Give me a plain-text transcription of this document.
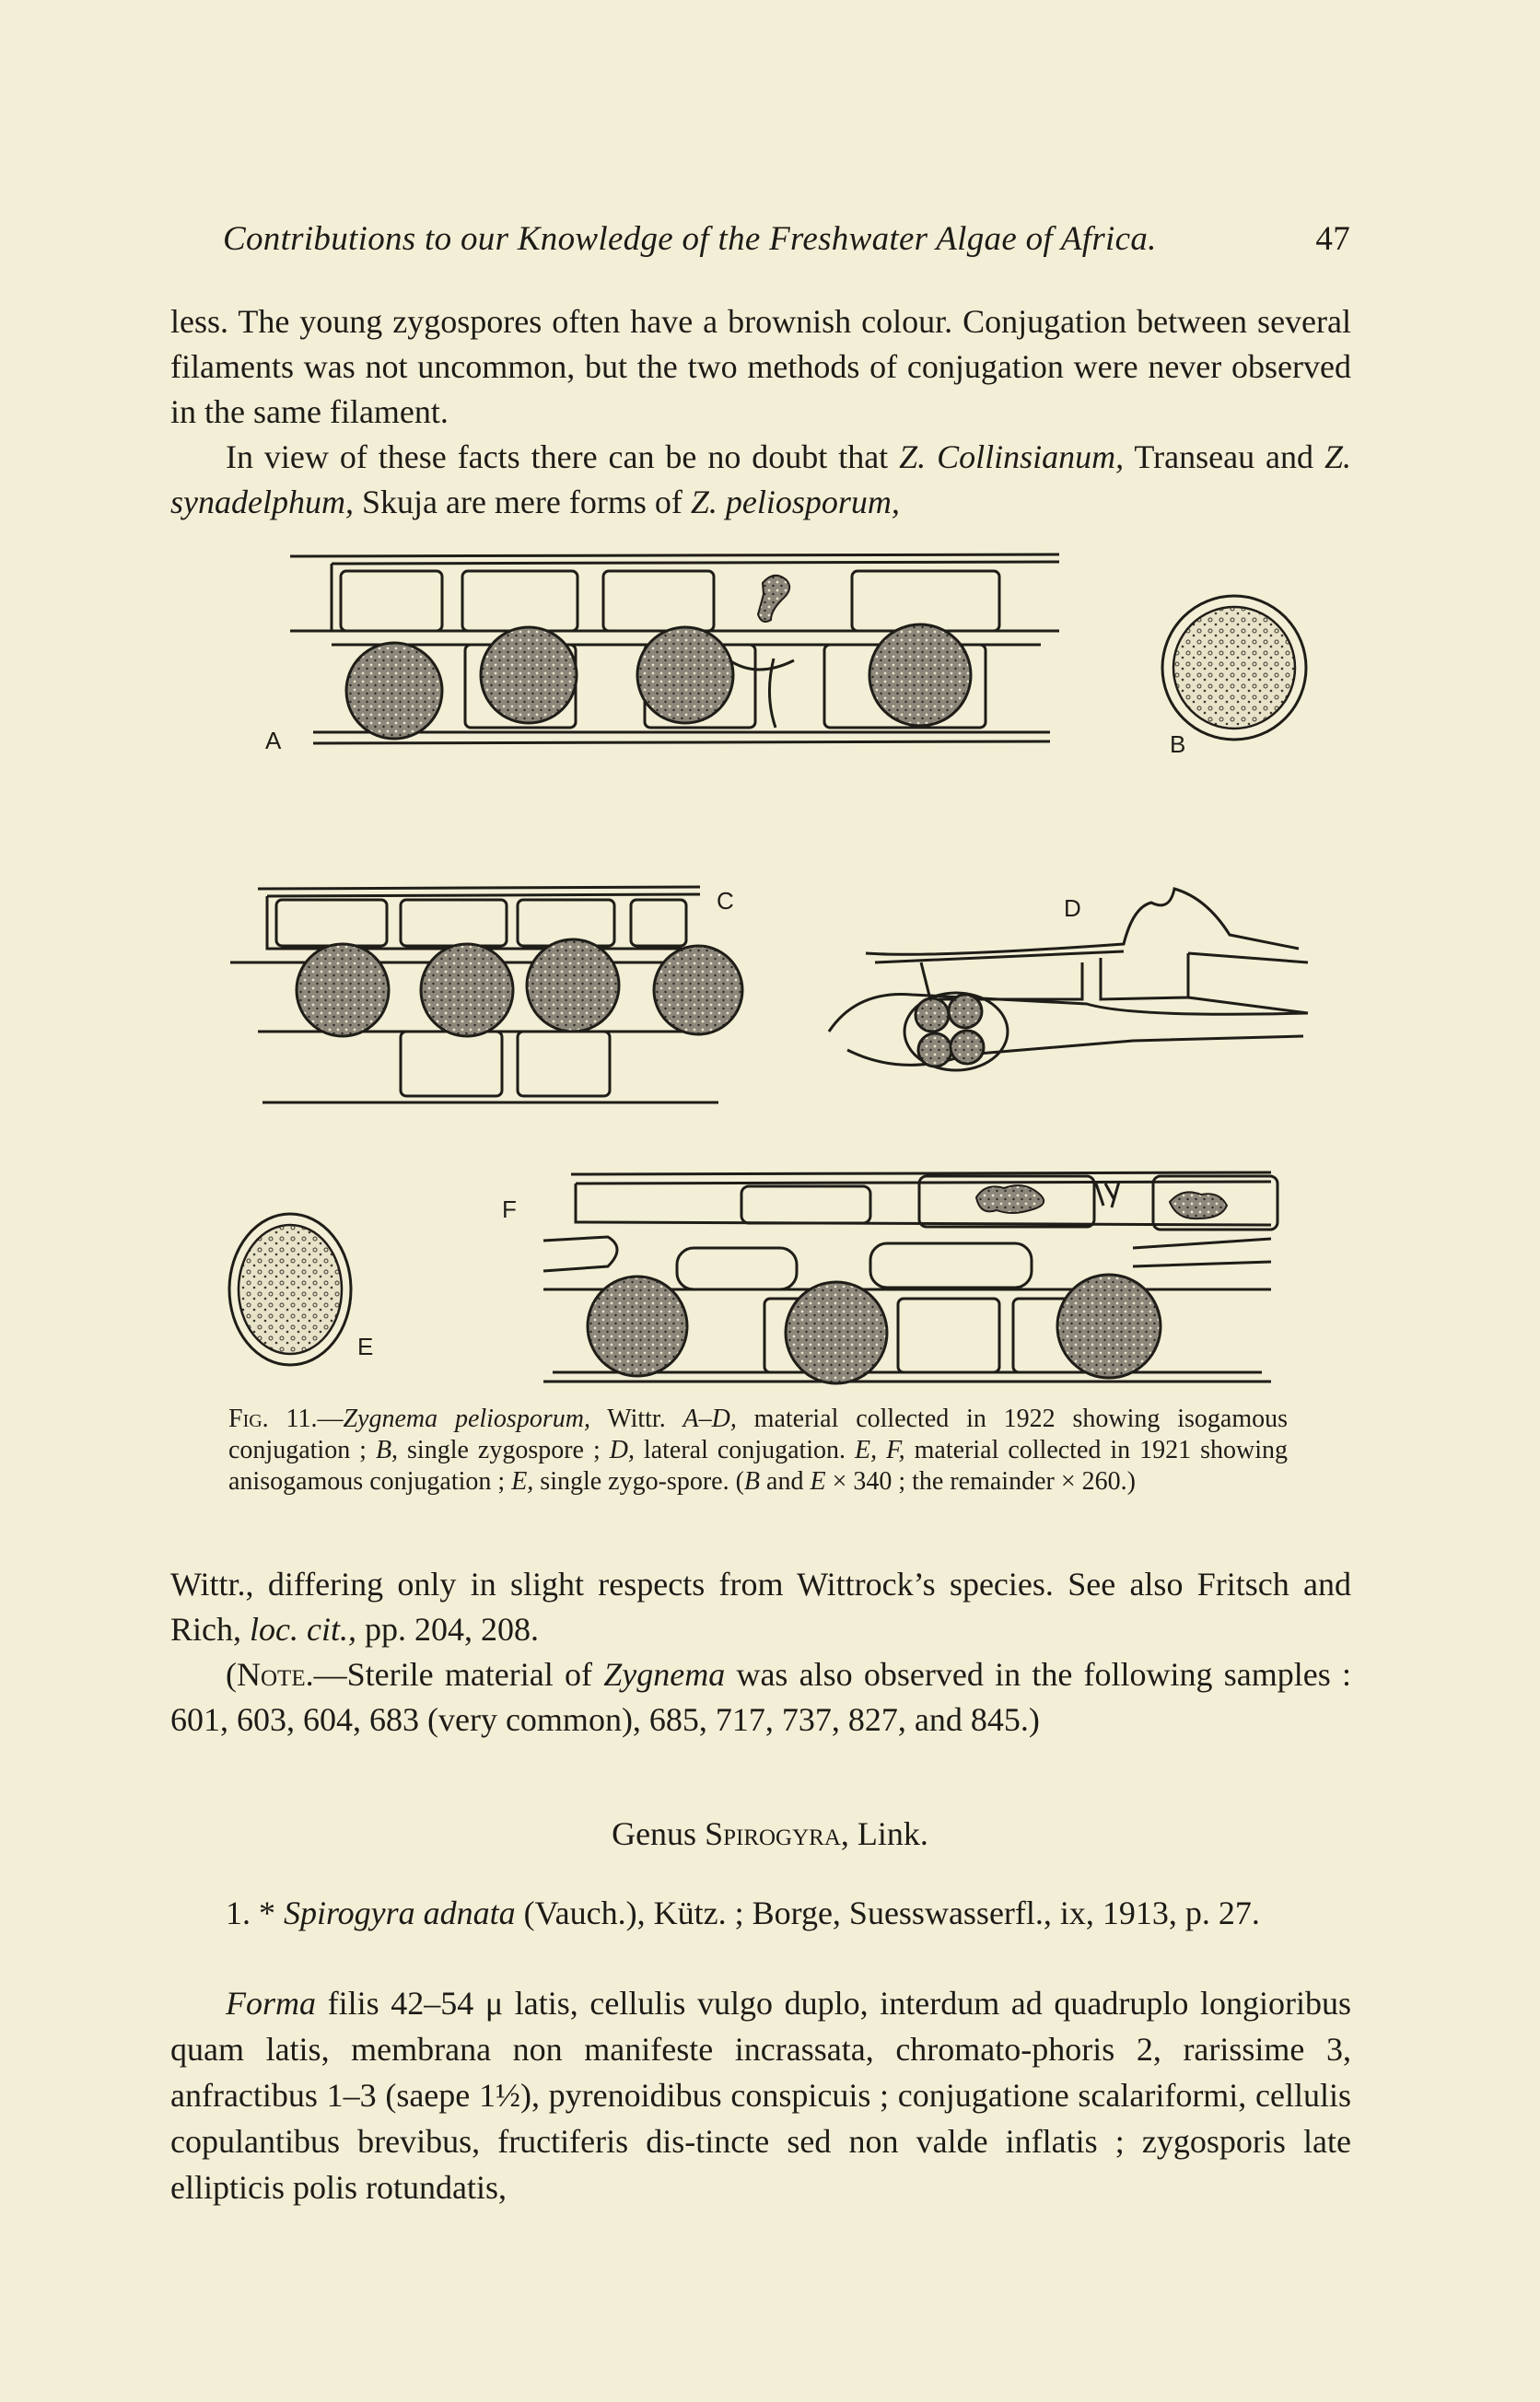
Contributions to our Knowledge of the Freshwater Algae of Africa.	47
less. The young zygospores often have a brownish colour. Conjugation between several filaments was not uncommon, but the two methods of conjugation were never observed in the same filament.
In view of these facts there can be no doubt that Z. Collinsianum, Transeau and Z. synadelphum, Skuja are mere forms of Z. peliosporum,
A	B
C	D
E
F
Fig. 11.—Zygnema peliosporum, Wittr. A–D, material collected in 1922 showing isogamous conjugation ; B, single zygospore ; D, lateral conjugation. E, F, material collected in 1921 showing anisogamous conjugation ; E, single zygo-spore. (B and E × 340 ; the remainder × 260.)
Wittr., differing only in slight respects from Wittrock’s species. See also Fritsch and Rich, loc. cit., pp. 204, 208.
(Note.—Sterile material of Zygnema was also observed in the following samples : 601, 603, 604, 683 (very common), 685, 717, 737, 827, and 845.)
Genus Spirogyra, Link.
1. * Spirogyra adnata (Vauch.), Kütz. ; Borge, Suesswasserfl., ix, 1913, p. 27.
Forma filis 42–54 μ latis, cellulis vulgo duplo, interdum ad quadruplo longioribus quam latis, membrana non manifeste incrassata, chromato-phoris 2, rarissime 3, anfractibus 1–3 (saepe 1½), pyrenoidibus conspicuis ; conjugatione scalariformi, cellulis copulantibus brevibus, fructiferis dis-tincte sed non valde inflatis ; zygosporis late ellipticis polis rotundatis,
